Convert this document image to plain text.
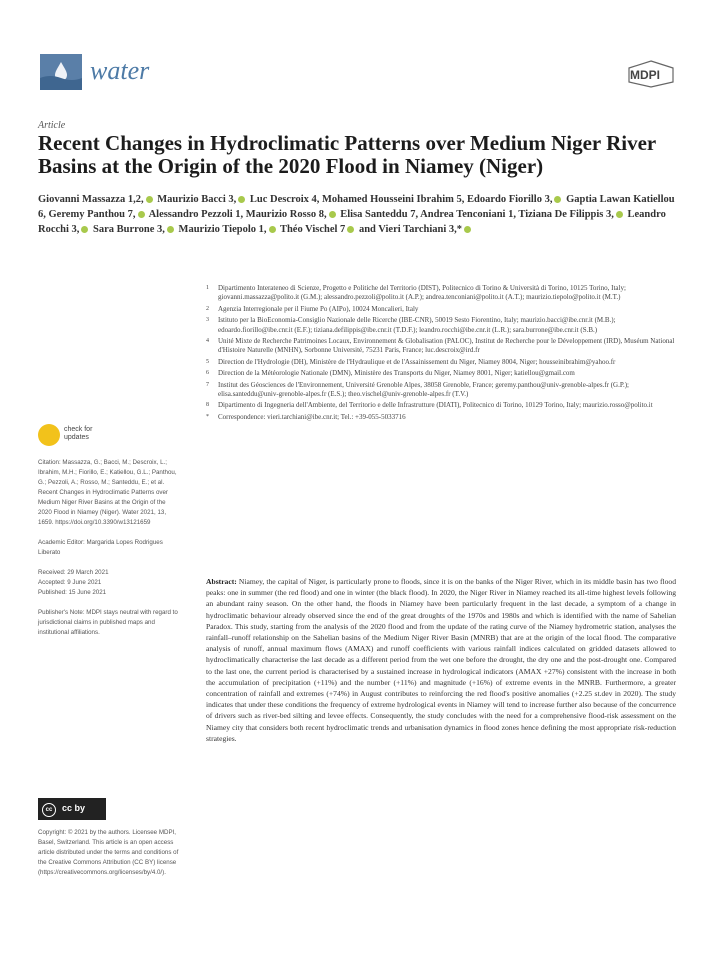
water	MDPI
Article
Recent Changes in Hydroclimatic Patterns over Medium Niger River Basins at the Origin of the 2020 Flood in Niamey (Niger)
Giovanni Massazza 1,2, Maurizio Bacci 3, Luc Descroix 4, Mohamed Housseini Ibrahim 5, Edoardo Fiorillo 3, Gaptia Lawan Katiellou 6, Geremy Panthou 7, Alessandro Pezzoli 1, Maurizio Rosso 8, Elisa Santeddu 7, Andrea Tenconiani 1, Tiziana De Filippis 3, Leandro Rocchi 3, Sara Burrone 3, Maurizio Tiepolo 1, Théo Vischel 7 and Vieri Tarchiani 3,*
1	Dipartimento Interateneo di Scienze, Progetto e Politiche del Territorio (DIST), Politecnico di Torino & Università di Torino, 10125 Torino, Italy; giovanni.massazza@polito.it (G.M.); alessandro.pezzoli@polito.it (A.P.); andrea.tenconiani@polito.it (A.T.); maurizio.tiepolo@polito.it (M.T.)
2	Agenzia Interregionale per il Fiume Po (AIPo), 10024 Moncalieri, Italy
3	Istituto per la BioEconomia-Consiglio Nazionale delle Ricerche (IBE-CNR), 50019 Sesto Fiorentino, Italy; maurizio.bacci@ibe.cnr.it (M.B.); edoardo.fiorillo@ibe.cnr.it (E.F.); tiziana.defilippis@ibe.cnr.it (T.D.F.); leandro.rocchi@ibe.cnr.it (L.R.); sara.burrone@ibe.cnr.it (S.B.)
4	Unité Mixte de Recherche Patrimoines Locaux, Environnement & Globalisation (PALOC), Institut de Recherche pour le Développement (IRD), Muséum National d'Histoire Naturelle (MNHN), Sorbonne Université, 75231 Paris, France; luc.descroix@ird.fr
5	Direction de l'Hydrologie (DH), Ministère de l'Hydraulique et de l'Assainissement du Niger, Niamey 8004, Niger; housseinibrahim@yahoo.fr
6	Direction de la Météorologie Nationale (DMN), Ministère des Transports du Niger, Niamey 8001, Niger; katiellou@gmail.com
7	Institut des Géosciences de l'Environnement, Université Grenoble Alpes, 38058 Grenoble, France; geremy.panthou@univ-grenoble-alpes.fr (G.P.); elisa.santeddu@univ-grenoble-alpes.fr (E.S.); theo.vischel@univ-grenoble-alpes.fr (T.V.)
8	Dipartimento di Ingegneria dell'Ambiente, del Territorio e delle Infrastrutture (DIATI), Politecnico di Torino, 10129 Torino, Italy; maurizio.rosso@polito.it
*	Correspondence: vieri.tarchiani@ibe.cnr.it; Tel.: +39-055-5033716
check for updates

Citation: Massazza, G.; Bacci, M.; Descroix, L.; Ibrahim, M.H.; Fiorillo, E.; Katiellou, G.L.; Panthou, G.; Pezzoli, A.; Rosso, M.; Santeddu, E.; et al. Recent Changes in Hydroclimatic Patterns over Medium Niger River Basins at the Origin of the 2020 Flood in Niamey (Niger). Water 2021, 13, 1659. https://doi.org/10.3390/w13121659

Academic Editor: Margarida Lopes Rodrigues Liberato

Received: 29 March 2021
Accepted: 9 June 2021
Published: 15 June 2021

Publisher's Note: MDPI stays neutral with regard to jurisdictional claims in published maps and institutional affiliations.

cc	cc by
Copyright: © 2021 by the authors. Licensee MDPI, Basel, Switzerland. This article is an open access article distributed under the terms and conditions of the Creative Commons Attribution (CC BY) license (https://creativecommons.org/licenses/by/4.0/).
Abstract: Niamey, the capital of Niger, is particularly prone to floods, since it is on the banks of the Niger River, which in its middle basin has two flood peaks: one in summer (the red flood) and one in winter (the black flood). In 2020, the Niger River in Niamey reached its all-time highest levels following an abundant rainy season. On the other hand, the floods in Niamey have been particularly frequent in the last decade, a symptom of a change in hydroclimatic behaviour already observed since the end of the great droughts of the 1970s and 1980s and which is identified with the name of Sahelian Paradox. This study, starting from the analysis of the 2020 flood and from the update of the rating curve of the Niamey hydrometric station, analyses the rainfall–runoff relationship on the Sahelian basins of the Medium Niger River Basin (MNRB) that are at the origin of the local flood. The comparative analysis of runoff, annual maximum flows (AMAX) and runoff coefficients with various rainfall indices calculated on gridded datasets allowed to hydroclimatically characterise the last decade as a different period from the wet one before the drought, the dry one and the post-drought one. Compared to the last one, the current period is characterised by a sustained increase in hydrological indicators (AMAX +27%) consistent with the increase in both the accumulation of precipitation (+11%) and the number (+11%) and magnitude (+16%) of extreme events in the MNRB. Furthermore, a greater concentration of rainfall and extremes (+74%) in August contributes to reinforcing the red flood's positive anomalies (+2.25 st.dev in 2020). The study indicates that under these conditions the frequency of extreme hydrological events in Niamey will tend to increase further also because of the concurrence of drivers such as river-bed silting and levee effects. Consequently, the study concludes with the need for a comprehensive flood-risk assessment on the Niamey city that considers both recent hydroclimatic trends and urbanisation dynamics in flood zones hence defining the most appropriate risk-reduction strategies.
